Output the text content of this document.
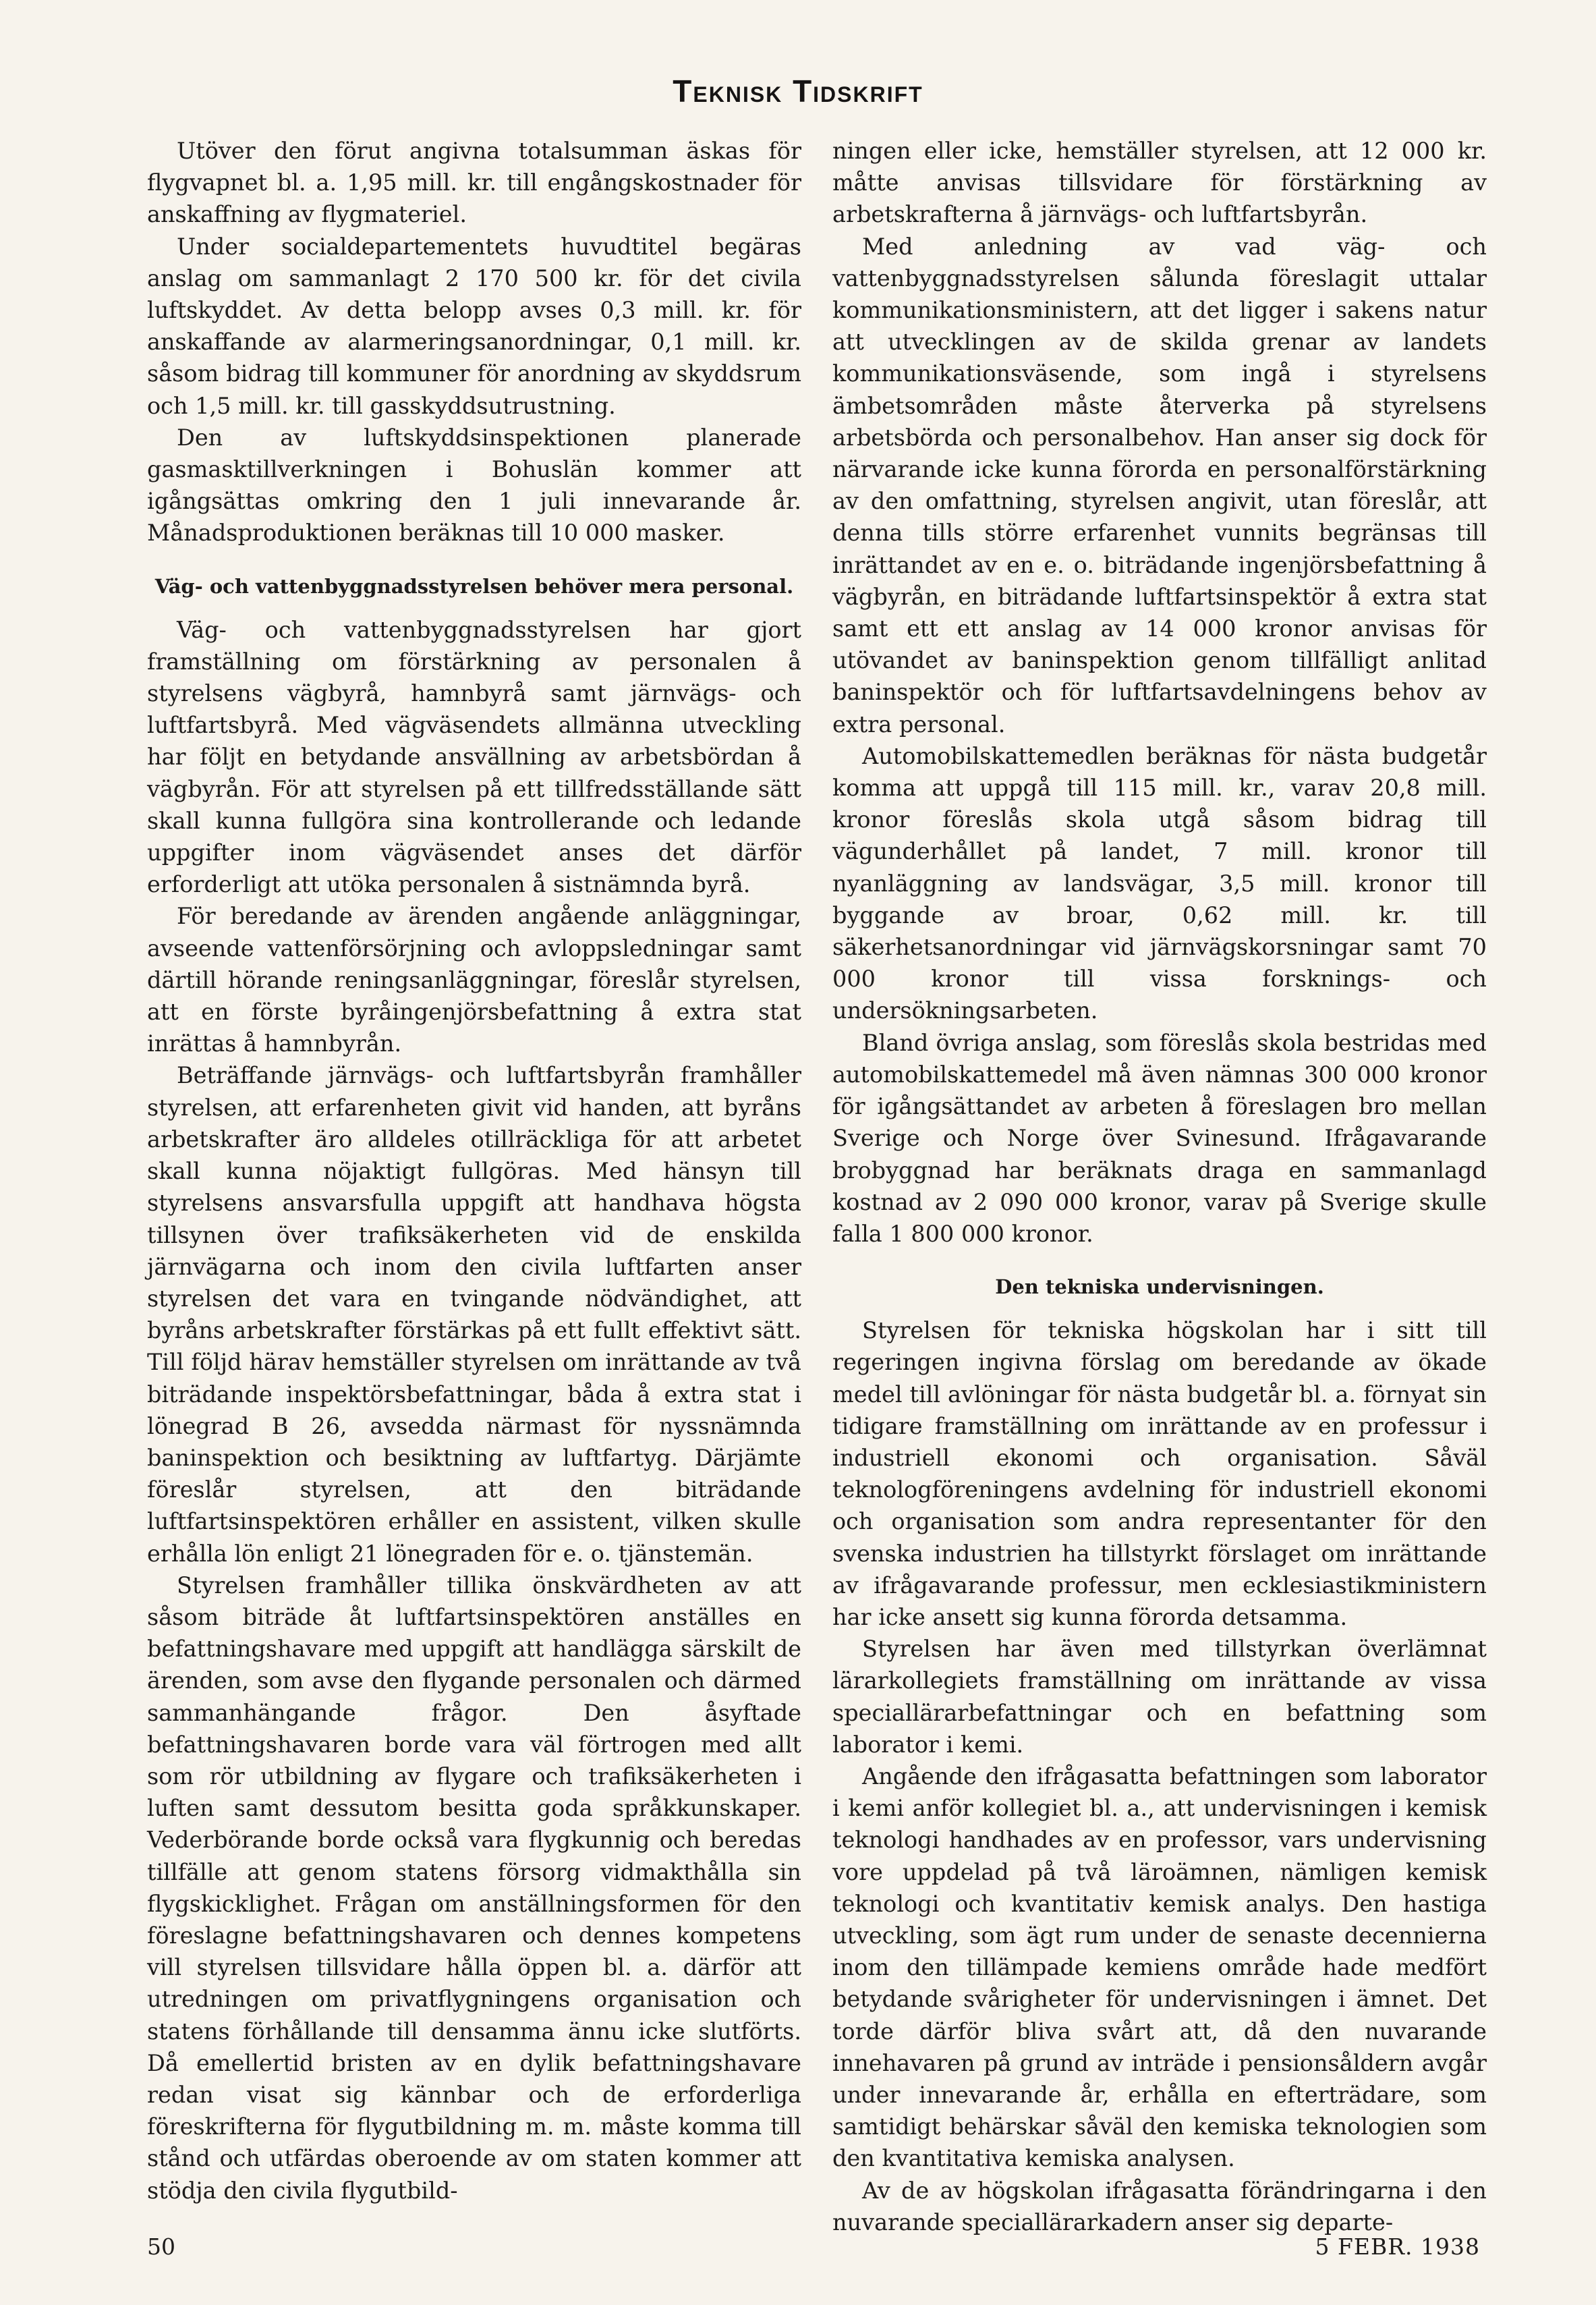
Teknisk Tidskrift

Utöver den förut angivna totalsumman äskas för flygvapnet bl. a. 1,95 mill. kr. till engångskostnader för anskaffning av flygmateriel.

Under socialdepartementets huvudtitel begäras anslag om sammanlagt 2 170 500 kr. för det civila luftskyddet. Av detta belopp avses 0,3 mill. kr. för anskaffande av alarmeringsanordningar, 0,1 mill. kr. såsom bidrag till kommuner för anordning av skyddsrum och 1,5 mill. kr. till gasskyddsutrustning.

Den av luftskyddsinspektionen planerade gasmasktillverkningen i Bohuslän kommer att igångsättas omkring den 1 juli innevarande år. Månadsproduktionen beräknas till 10 000 masker.

Väg- och vattenbyggnadsstyrelsen behöver mera personal.

Väg- och vattenbyggnadsstyrelsen har gjort framställning om förstärkning av personalen å styrelsens vägbyrå, hamnbyrå samt järnvägs- och luftfartsbyrå. Med vägväsendets allmänna utveckling har följt en betydande ansvällning av arbetsbördan å vägbyrån. För att styrelsen på ett tillfredsställande sätt skall kunna fullgöra sina kontrollerande och ledande uppgifter inom vägväsendet anses det därför erforderligt att utöka personalen å sistnämnda byrå.

För beredande av ärenden angående anläggningar, avseende vattenförsörjning och avloppsledningar samt därtill hörande reningsanläggningar, föreslår styrelsen, att en förste byråingenjörsbefattning å extra stat inrättas å hamnbyrån.

Beträffande järnvägs- och luftfartsbyrån framhåller styrelsen, att erfarenheten givit vid handen, att byråns arbetskrafter äro alldeles otillräckliga för att arbetet skall kunna nöjaktigt fullgöras. Med hänsyn till styrelsens ansvarsfulla uppgift att handhava högsta tillsynen över trafiksäkerheten vid de enskilda järnvägarna och inom den civila luftfarten anser styrelsen det vara en tvingande nödvändighet, att byråns arbetskrafter förstärkas på ett fullt effektivt sätt. Till följd härav hemställer styrelsen om inrättande av två biträdande inspektörsbefattningar, båda å extra stat i lönegrad B 26, avsedda närmast för nyssnämnda baninspektion och besiktning av luftfartyg. Därjämte föreslår styrelsen, att den biträdande luftfartsinspektören erhåller en assistent, vilken skulle erhålla lön enligt 21 lönegraden för e. o. tjänstemän.

Styrelsen framhåller tillika önskvärdheten av att såsom biträde åt luftfartsinspektören anställes en befattningshavare med uppgift att handlägga särskilt de ärenden, som avse den flygande personalen och därmed sammanhängande frågor. Den åsyftade befattningshavaren borde vara väl förtrogen med allt som rör utbildning av flygare och trafiksäkerheten i luften samt dessutom besitta goda språkkunskaper. Vederbörande borde också vara flygkunnig och beredas tillfälle att genom statens försorg vidmakthålla sin flygskicklighet. Frågan om anställningsformen för den föreslagne befattningshavaren och dennes kompetens vill styrelsen tillsvidare hålla öppen bl. a. därför att utredningen om privatflygningens organisation och statens förhållande till densamma ännu icke slutförts. Då emellertid bristen av en dylik befattningshavare redan visat sig kännbar och de erforderliga föreskrifterna för flygutbildning m. m. måste komma till stånd och utfärdas oberoende av om staten kommer att stödja den civila flygutbild-

ningen eller icke, hemställer styrelsen, att 12 000 kr. måtte anvisas tillsvidare för förstärkning av arbetskrafterna å järnvägs- och luftfartsbyrån.

Med anledning av vad väg- och vattenbyggnadsstyrelsen sålunda föreslagit uttalar kommunikationsministern, att det ligger i sakens natur att utvecklingen av de skilda grenar av landets kommunikationsväsende, som ingå i styrelsens ämbetsområden måste återverka på styrelsens arbetsbörda och personalbehov. Han anser sig dock för närvarande icke kunna förorda en personalförstärkning av den omfattning, styrelsen angivit, utan föreslår, att denna tills större erfarenhet vunnits begränsas till inrättandet av en e. o. biträdande ingenjörsbefattning å vägbyrån, en biträdande luftfartsinspektör å extra stat samt ett ett anslag av 14 000 kronor anvisas för utövandet av baninspektion genom tillfälligt anlitad baninspektör och för luftfartsavdelningens behov av extra personal.

Automobilskattemedlen beräknas för nästa budgetår komma att uppgå till 115 mill. kr., varav 20,8 mill. kronor föreslås skola utgå såsom bidrag till vägunderhållet på landet, 7 mill. kronor till nyanläggning av landsvägar, 3,5 mill. kronor till byggande av broar, 0,62 mill. kr. till säkerhetsanordningar vid järnvägskorsningar samt 70 000 kronor till vissa forsknings- och undersökningsarbeten.

Bland övriga anslag, som föreslås skola bestridas med automobilskattemedel må även nämnas 300 000 kronor för igångsättandet av arbeten å föreslagen bro mellan Sverige och Norge över Svinesund. Ifrågavarande brobyggnad har beräknats draga en sammanlagd kostnad av 2 090 000 kronor, varav på Sverige skulle falla 1 800 000 kronor.

Den tekniska undervisningen.

Styrelsen för tekniska högskolan har i sitt till regeringen ingivna förslag om beredande av ökade medel till avlöningar för nästa budgetår bl. a. förnyat sin tidigare framställning om inrättande av en professur i industriell ekonomi och organisation. Såväl teknologföreningens avdelning för industriell ekonomi och organisation som andra representanter för den svenska industrien ha tillstyrkt förslaget om inrättande av ifrågavarande professur, men ecklesiastikministern har icke ansett sig kunna förorda detsamma.

Styrelsen har även med tillstyrkan överlämnat lärarkollegiets framställning om inrättande av vissa speciallärarbefattningar och en befattning som laborator i kemi.

Angående den ifrågasatta befattningen som laborator i kemi anför kollegiet bl. a., att undervisningen i kemisk teknologi handhades av en professor, vars undervisning vore uppdelad på två läroämnen, nämligen kemisk teknologi och kvantitativ kemisk analys. Den hastiga utveckling, som ägt rum under de senaste decennierna inom den tillämpade kemiens område hade medfört betydande svårigheter för undervisningen i ämnet. Det torde därför bliva svårt att, då den nuvarande innehavaren på grund av inträde i pensionsåldern avgår under innevarande år, erhålla en efterträdare, som samtidigt behärskar såväl den kemiska teknologien som den kvantitativa kemiska analysen.

Av de av högskolan ifrågasatta förändringarna i den nuvarande speciallärarkadern anser sig departe-

50	5 FEBR. 1938
